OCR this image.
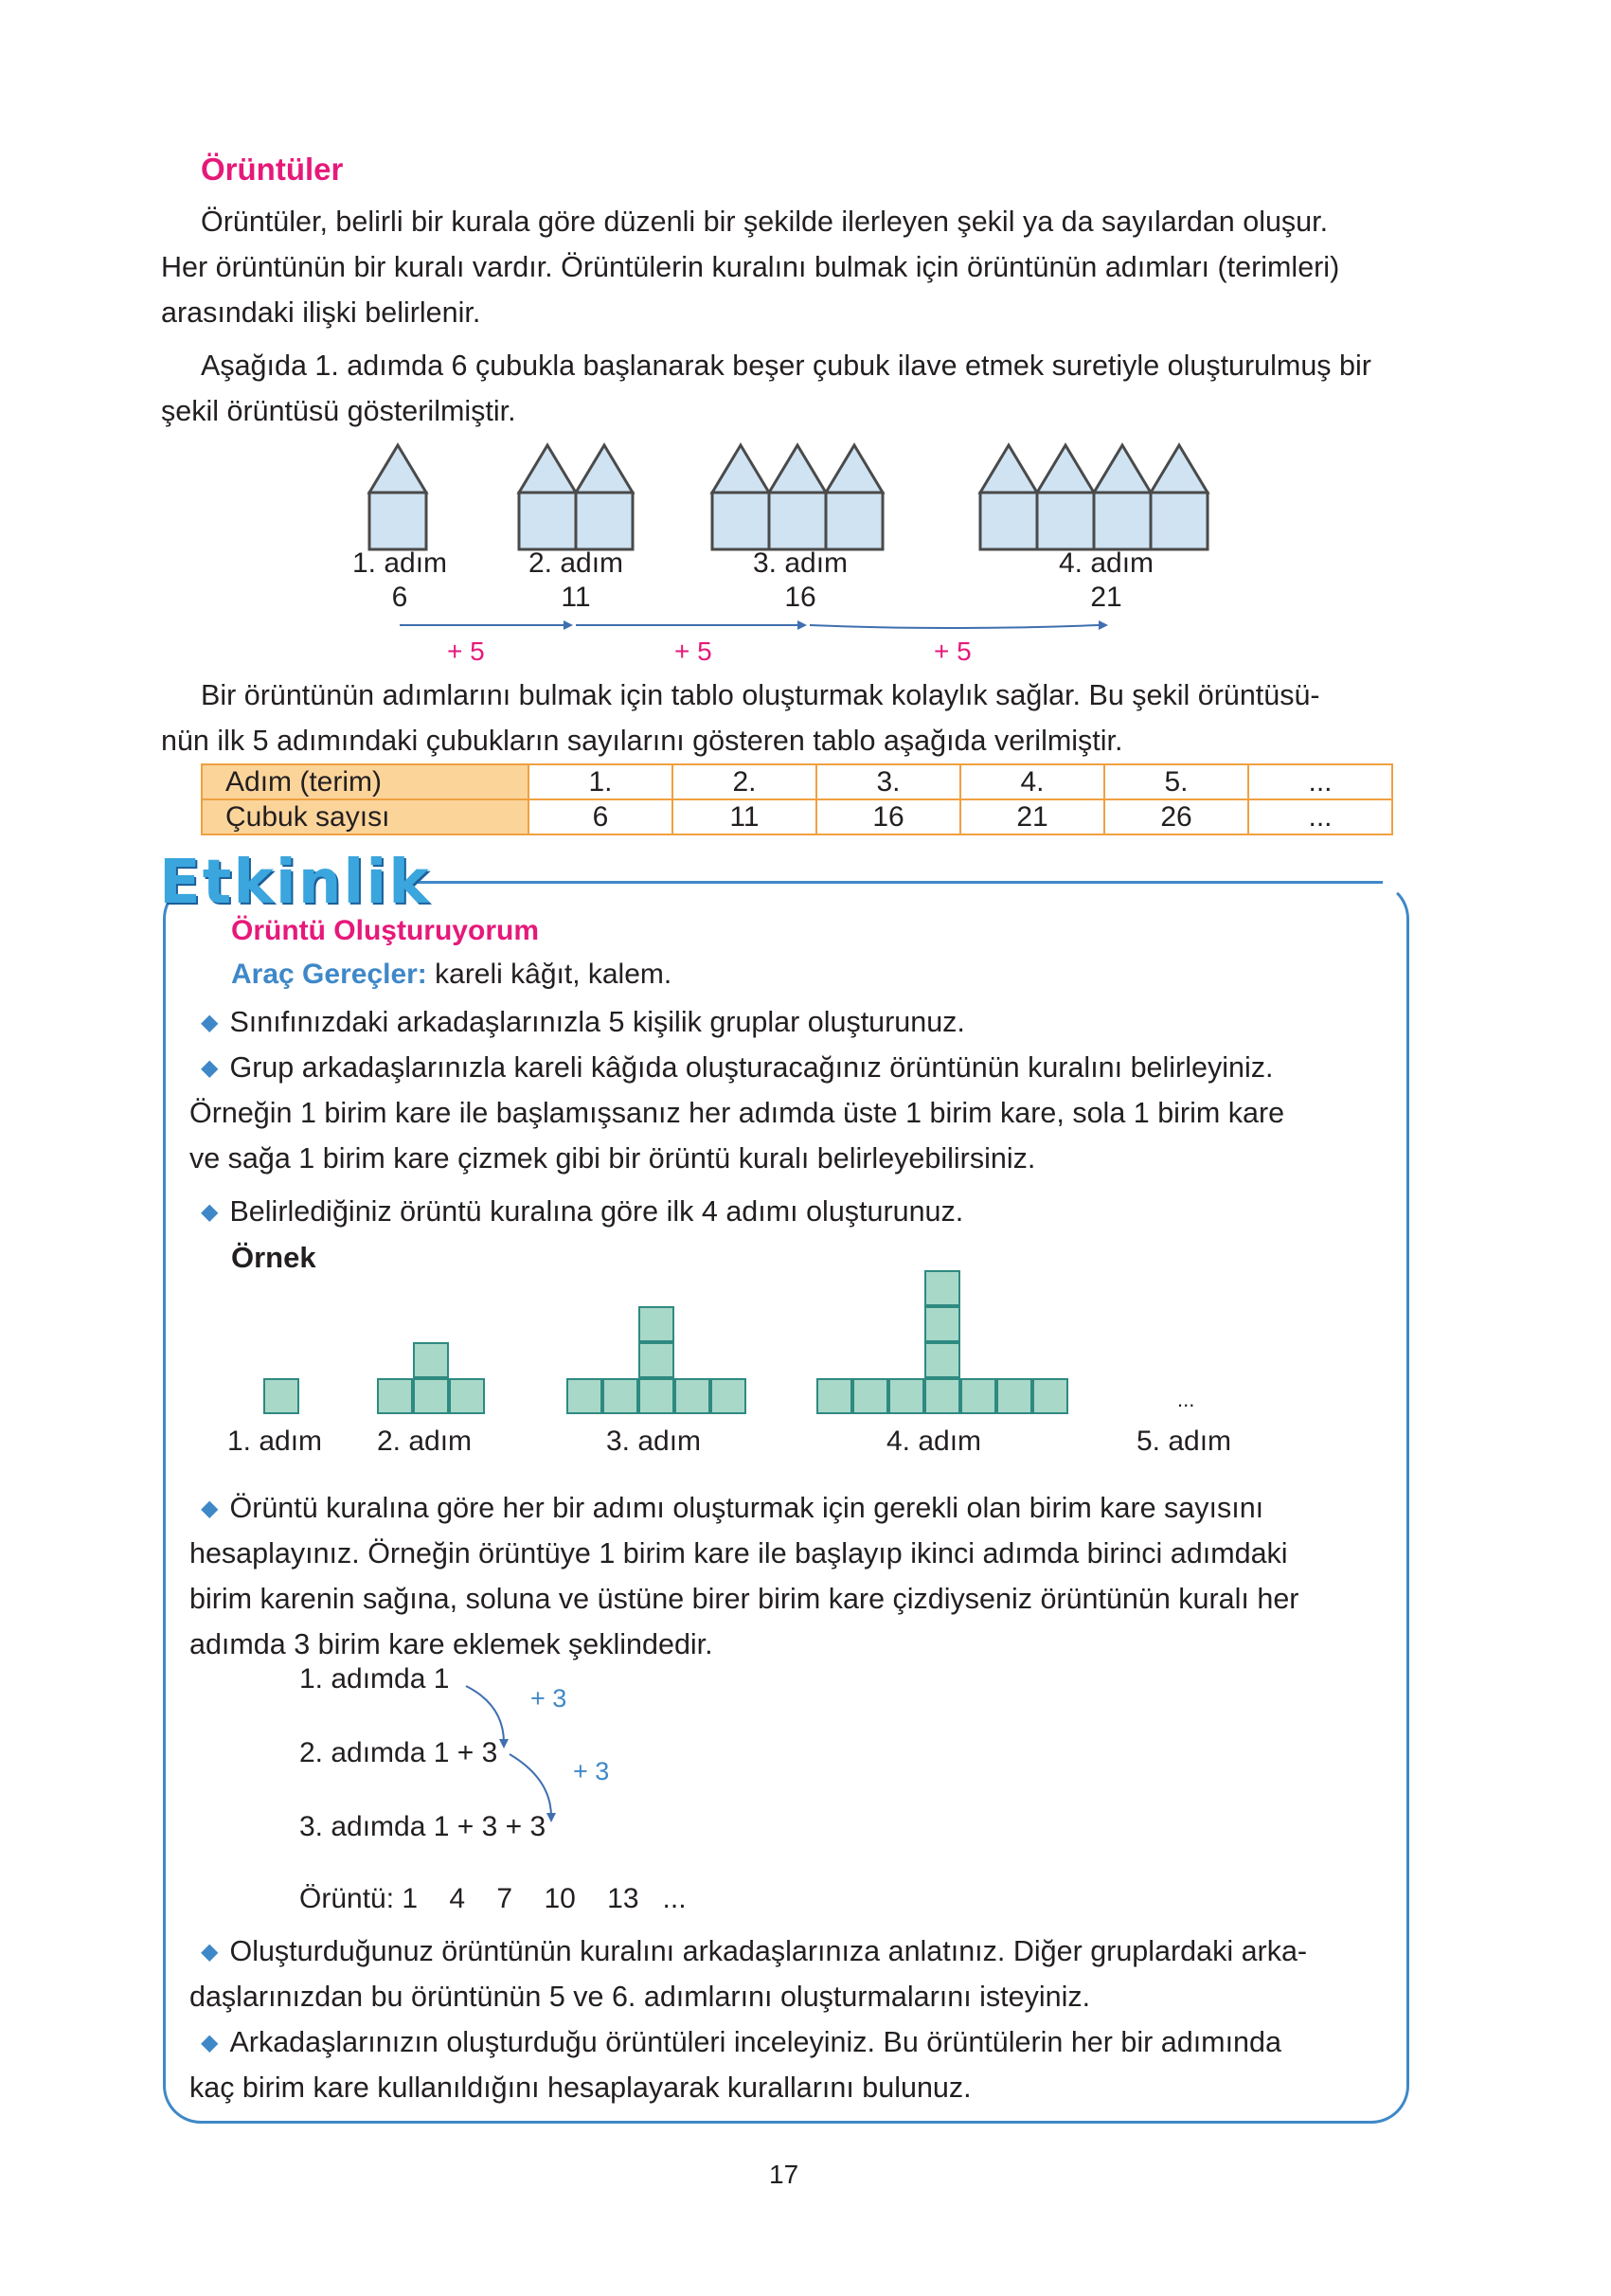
Örüntüler
Örüntüler, belirli bir kurala göre düzenli bir şekilde ilerleyen şekil ya da sayılardan oluşur.
Her örüntünün bir kuralı vardır. Örüntülerin kuralını bulmak için örüntünün adımları (terimleri)
arasındaki ilişki belirlenir.
Aşağıda 1. adımda 6 çubukla başlanarak beşer çubuk ilave etmek suretiyle oluşturulmuş bir
şekil örüntüsü gösterilmiştir.
1. adım
6
2. adım
11
3. adım
16
4. adım
21
+ 5	+ 5	+ 5
Bir örüntünün adımlarını bulmak için tablo oluşturmak kolaylık sağlar. Bu şekil örüntüsü-
nün ilk 5 adımındaki çubukların sayılarını gösteren tablo aşağıda verilmiştir.
Adım (terim)	1.	2.	3.	4.	5.	...
Çubuk sayısı	6	11	16	21	26	...
Etkinlik
Örüntü Oluşturuyorum
Araç Gereçler: kareli kâğıt, kalem.
◆ Sınıfınızdaki arkadaşlarınızla 5 kişilik gruplar oluşturunuz.
◆ Grup arkadaşlarınızla kareli kâğıda oluşturacağınız örüntünün kuralını belirleyiniz.
Örneğin 1 birim kare ile başlamışsanız her adımda üste 1 birim kare, sola 1 birim kare
ve sağa 1 birim kare çizmek gibi bir örüntü kuralı belirleyebilirsiniz.
◆ Belirlediğiniz örüntü kuralına göre ilk 4 adımı oluşturunuz.
Örnek
...
1. adım 2. adım	3. adım	4. adım	5. adım
◆ Örüntü kuralına göre her bir adımı oluşturmak için gerekli olan birim kare sayısını
hesaplayınız. Örneğin örüntüye 1 birim kare ile başlayıp ikinci adımda birinci adımdaki
birim karenin sağına, soluna ve üstüne birer birim kare çizdiyseniz örüntünün kuralı her
adımda 3 birim kare eklemek şeklindedir.
1. adımda 1
2. adımda 1 + 3
3. adımda 1 + 3 + 3
+ 3
+ 3
Örüntü: 1    4    7    10    13   ...
◆ Oluşturduğunuz örüntünün kuralını arkadaşlarınıza anlatınız. Diğer gruplardaki arka-
daşlarınızdan bu örüntünün 5 ve 6. adımlarını oluşturmalarını isteyiniz.
◆ Arkadaşlarınızın oluşturduğu örüntüleri inceleyiniz. Bu örüntülerin her bir adımında
kaç birim kare kullanıldığını hesaplayarak kurallarını bulunuz.
17
